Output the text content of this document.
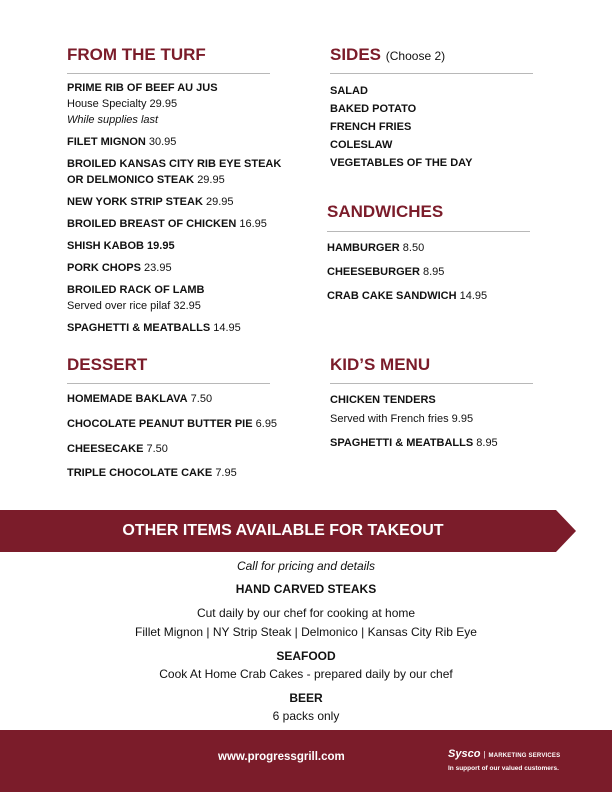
FROM THE TURF
PRIME RIB OF BEEF AU JUS
House Specialty 29.95
While supplies last
FILET MIGNON 30.95
BROILED KANSAS CITY RIB EYE STEAK
OR DELMONICO STEAK 29.95
NEW YORK STRIP STEAK 29.95
BROILED BREAST OF CHICKEN 16.95
SHISH KABOB 19.95
PORK CHOPS 23.95
BROILED RACK OF LAMB
Served over rice pilaf 32.95
SPAGHETTI & MEATBALLS 14.95
SIDES (Choose 2)
SALAD
BAKED POTATO
FRENCH FRIES
COLESLAW
VEGETABLES OF THE DAY
SANDWICHES
HAMBURGER 8.50
CHEESEBURGER 8.95
CRAB CAKE SANDWICH 14.95
DESSERT
HOMEMADE BAKLAVA 7.50
CHOCOLATE PEANUT BUTTER PIE 6.95
CHEESECAKE 7.50
TRIPLE CHOCOLATE CAKE 7.95
KID’S MENU
CHICKEN TENDERS
Served with French fries 9.95
SPAGHETTI & MEATBALLS 8.95
OTHER ITEMS AVAILABLE FOR TAKEOUT
Call for pricing and details
HAND CARVED STEAKS
Cut daily by our chef for cooking at home
Fillet Mignon | NY Strip Steak | Delmonico | Kansas City Rib Eye
SEAFOOD
Cook At Home Crab Cakes - prepared daily by our chef
BEER
6 packs only
www.progressgrill.com	Sysco | MARKETING SERVICES
In support of our valued customers.
